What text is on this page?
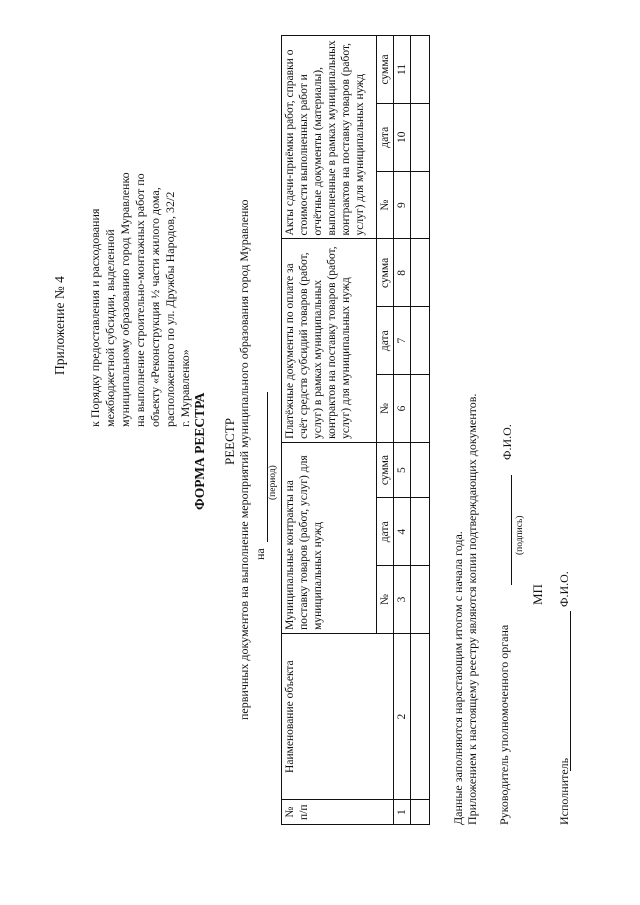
Приложение № 4 к Порядку предоставления и расходования межбюджетной субсидии, выделенной муниципальному образованию город Муравленко на выполнение строительно-монтажных работ по объекту «Реконструкция ½ части жилого дома, расположенного по ул. Дружбы Народов, 32/2 г. Муравленко»
ФОРМА РЕЕСТРА РЕЕСТР первичных документов на выполнение мероприятий муниципального образования город Муравленко на
(период)
№ п/п	Наименование объекта	Муниципальные контракты на поставку товаров (работ, услуг) для муниципальных нужд			Платёжные документы по оплате за счёт средств субсидий товаров (работ, услуг) в рамках муниципальных контрактов на поставку товаров (работ, услуг) для муниципальных нужд			Акты сдачи-приёмки работ, справки о стоимости выполненных работ и отчётные документы (материалы), выполненные в рамках муниципальных контрактов на поставку товаров (работ, услуг) для муниципальных нужд		
		№	дата	сумма	№	дата	сумма	№	дата	сумма
1	2	3	4	5	6	7	8	9	10	11

Данные заполняются нарастающим итогом с начала года. Приложением к настоящему реестру являются копии подтверждающих документов. Руководитель уполномоченного органа
Ф.И.О.
(подпись)
МП
Исполнитель
Ф.И.О.
